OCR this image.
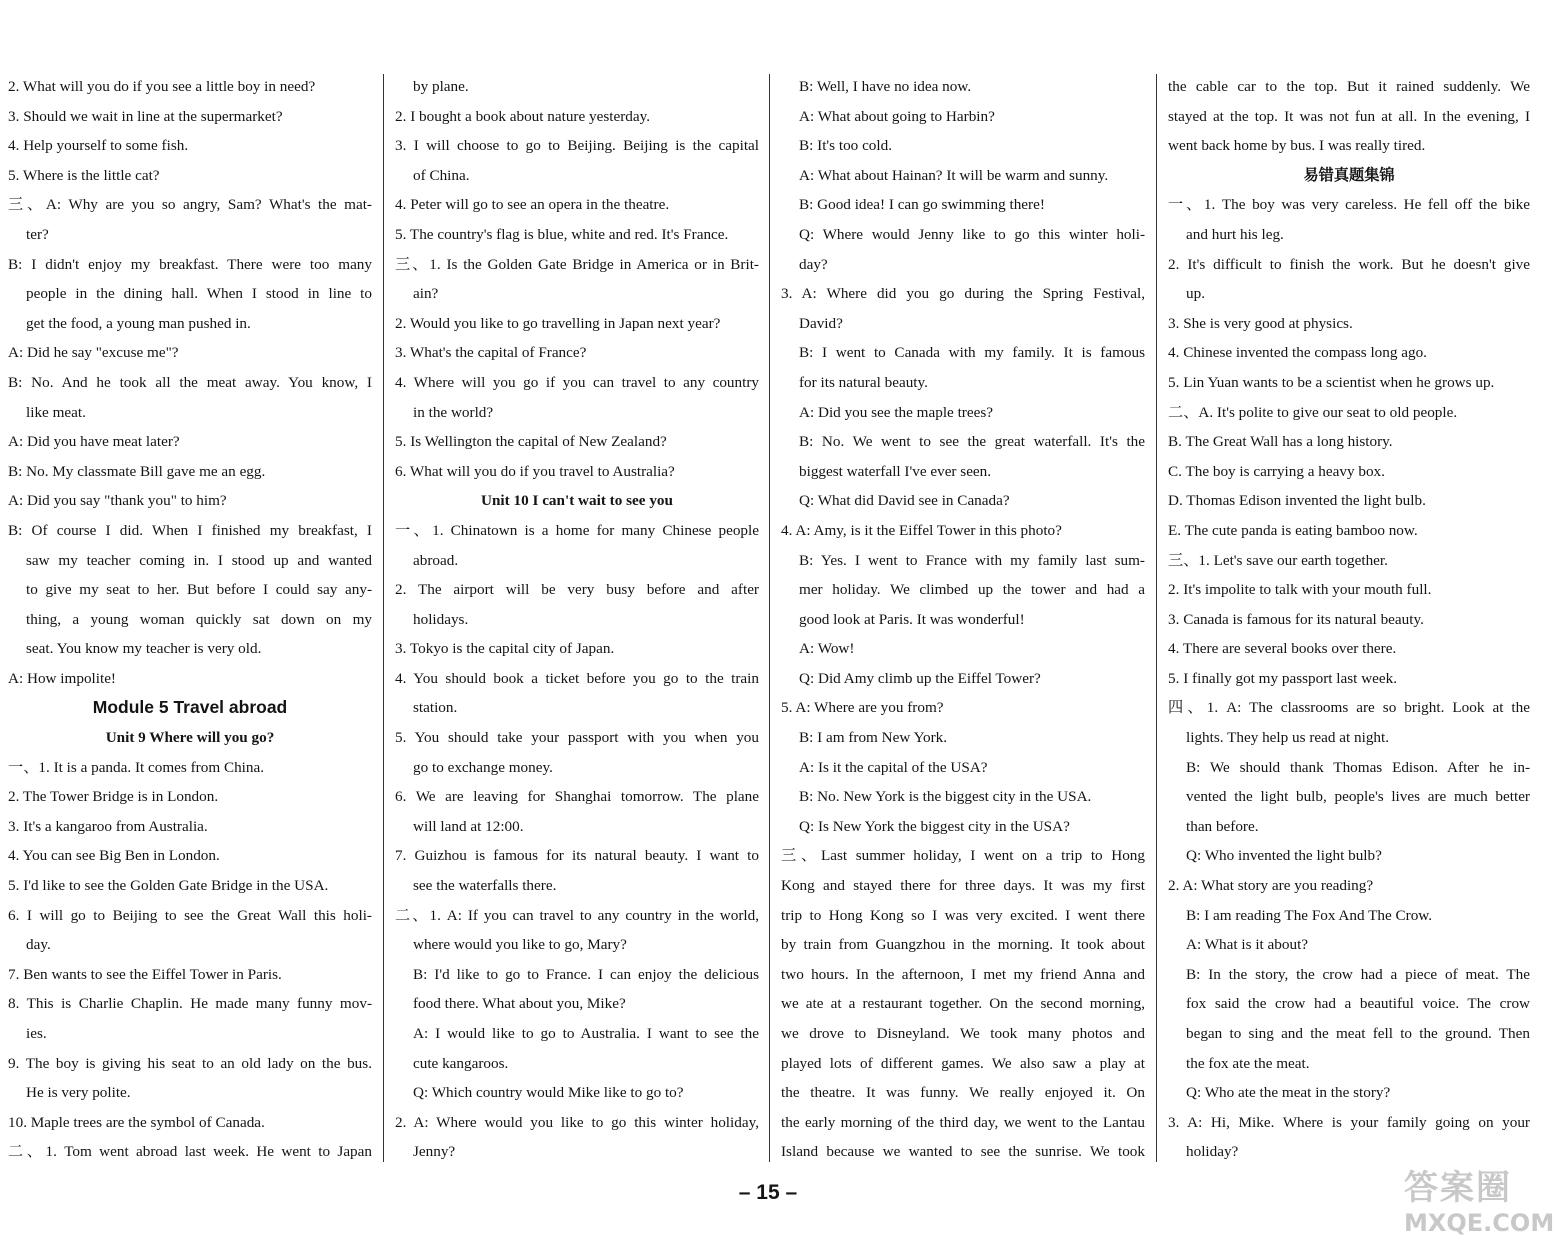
2. What will you do if you see a little boy in need?
3. Should we wait in line at the supermarket?
4. Help yourself to some fish.
5. Where is the little cat?
三、A: Why are you so angry, Sam? What's the mat-
ter?
B: I didn't enjoy my breakfast. There were too many
people in the dining hall. When I stood in line to
get the food, a young man pushed in.
A: Did he say "excuse me"?
B: No. And he took all the meat away. You know, I
like meat.
A: Did you have meat later?
B: No. My classmate Bill gave me an egg.
A: Did you say "thank you" to him?
B: Of course I did. When I finished my breakfast, I
saw my teacher coming in. I stood up and wanted
to give my seat to her. But before I could say any-
thing, a young woman quickly sat down on my
seat. You know my teacher is very old.
A: How impolite!
Module 5 Travel abroad
Unit 9 Where will you go?
一、1. It is a panda. It comes from China.
2. The Tower Bridge is in London.
3. It's a kangaroo from Australia.
4. You can see Big Ben in London.
5. I'd like to see the Golden Gate Bridge in the USA.
6. I will go to Beijing to see the Great Wall this holi-
day.
7. Ben wants to see the Eiffel Tower in Paris.
8. This is Charlie Chaplin. He made many funny mov-
ies.
9. The boy is giving his seat to an old lady on the bus.
He is very polite.
10. Maple trees are the symbol of Canada.
二、1. Tom went abroad last week. He went to Japan
by plane.
2. I bought a book about nature yesterday.
3. I will choose to go to Beijing. Beijing is the capital
of China.
4. Peter will go to see an opera in the theatre.
5. The country's flag is blue, white and red. It's France.
三、1. Is the Golden Gate Bridge in America or in Brit-
ain?
2. Would you like to go travelling in Japan next year?
3. What's the capital of France?
4. Where will you go if you can travel to any country
in the world?
5. Is Wellington the capital of New Zealand?
6. What will you do if you travel to Australia?
Unit 10 I can't wait to see you
一、1. Chinatown is a home for many Chinese people
abroad.
2. The airport will be very busy before and after
holidays.
3. Tokyo is the capital city of Japan.
4. You should book a ticket before you go to the train
station.
5. You should take your passport with you when you
go to exchange money.
6. We are leaving for Shanghai tomorrow. The plane
will land at 12:00.
7. Guizhou is famous for its natural beauty. I want to
see the waterfalls there.
二、1. A: If you can travel to any country in the world,
where would you like to go, Mary?
B: I'd like to go to France. I can enjoy the delicious
food there. What about you, Mike?
A: I would like to go to Australia. I want to see the
cute kangaroos.
Q: Which country would Mike like to go to?
2. A: Where would you like to go this winter holiday,
Jenny?
B: Well, I have no idea now.
A: What about going to Harbin?
B: It's too cold.
A: What about Hainan? It will be warm and sunny.
B: Good idea! I can go swimming there!
Q: Where would Jenny like to go this winter holi-
day?
3. A: Where did you go during the Spring Festival,
David?
B: I went to Canada with my family. It is famous
for its natural beauty.
A: Did you see the maple trees?
B: No. We went to see the great waterfall. It's the
biggest waterfall I've ever seen.
Q: What did David see in Canada?
4. A: Amy, is it the Eiffel Tower in this photo?
B: Yes. I went to France with my family last sum-
mer holiday. We climbed up the tower and had a
good look at Paris. It was wonderful!
A: Wow!
Q: Did Amy climb up the Eiffel Tower?
5. A: Where are you from?
B: I am from New York.
A: Is it the capital of the USA?
B: No. New York is the biggest city in the USA.
Q: Is New York the biggest city in the USA?
三、Last summer holiday, I went on a trip to Hong
Kong and stayed there for three days. It was my first
trip to Hong Kong so I was very excited. I went there
by train from Guangzhou in the morning. It took about
two hours. In the afternoon, I met my friend Anna and
we ate at a restaurant together. On the second morning,
we drove to Disneyland. We took many photos and
played lots of different games. We also saw a play at
the theatre. It was funny. We really enjoyed it. On
the early morning of the third day, we went to the Lantau
Island because we wanted to see the sunrise. We took
the cable car to the top. But it rained suddenly. We
stayed at the top. It was not fun at all. In the evening, I
went back home by bus. I was really tired.
易错真题集锦
一、1. The boy was very careless. He fell off the bike
and hurt his leg.
2. It's difficult to finish the work. But he doesn't give
up.
3. She is very good at physics.
4. Chinese invented the compass long ago.
5. Lin Yuan wants to be a scientist when he grows up.
二、A. It's polite to give our seat to old people.
B. The Great Wall has a long history.
C. The boy is carrying a heavy box.
D. Thomas Edison invented the light bulb.
E. The cute panda is eating bamboo now.
三、1. Let's save our earth together.
2. It's impolite to talk with your mouth full.
3. Canada is famous for its natural beauty.
4. There are several books over there.
5. I finally got my passport last week.
四、1. A: The classrooms are so bright. Look at the
lights. They help us read at night.
B: We should thank Thomas Edison. After he in-
vented the light bulb, people's lives are much better
than before.
Q: Who invented the light bulb?
2. A: What story are you reading?
B: I am reading The Fox And The Crow.
A: What is it about?
B: In the story, the crow had a piece of meat. The
fox said the crow had a beautiful voice. The crow
began to sing and the meat fell to the ground. Then
the fox ate the meat.
Q: Who ate the meat in the story?
3. A: Hi, Mike. Where is your family going on your
holiday?
– 15 –	答案圈
MXQE.COM
